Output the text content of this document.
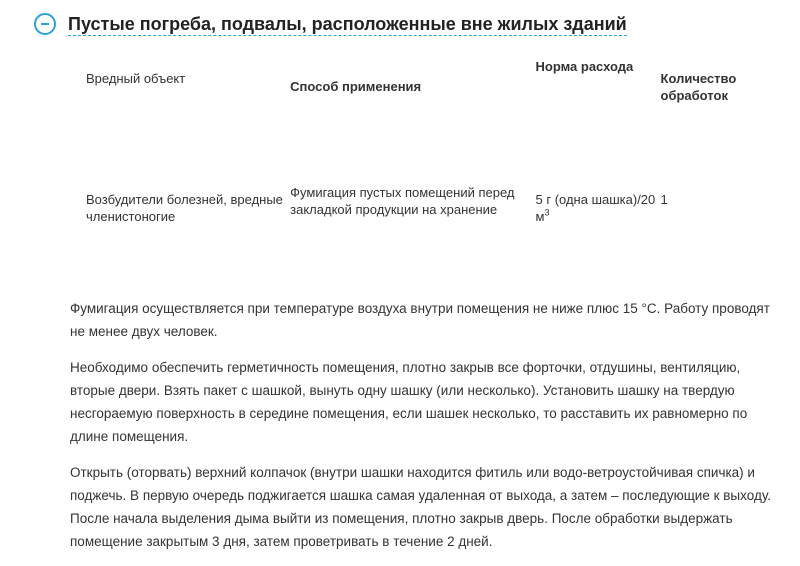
Пустые погреба, подвалы, расположенные вне жилых зданий
Вредный объект	Способ применения	Норма расхода	Количество обработок

Возбудители болезней, вредные членистоногие	Фумигация пустых помещений перед закладкой продукции на хранение	5 г (одна шашка)/20 $м^3$	1

Фумигация осуществляется при температуре воздуха внутри помещения не ниже плюс 15 °C. Работу проводят не менее двух человек.

Необходимо обеспечить герметичность помещения, плотно закрыв все форточки, отдушины, вентиляцию, вторые двери. Взять пакет с шашкой, вынуть одну шашку (или несколько). Установить шашку на твердую несгораемую поверхность в середине помещения, если шашек несколько, то расставить их равномерно по длине помещения.

Открыть (оторвать) верхний колпачок (внутри шашки находится фитиль или водо-ветроустойчивая спичка) и поджечь. В первую очередь поджигается шашка самая удаленная от выхода, а затем – последующие к выходу. После начала выделения дыма выйти из помещения, плотно закрыв дверь. После обработки выдержать помещение закрытым 3 дня, затем проветривать в течение 2 дней.
